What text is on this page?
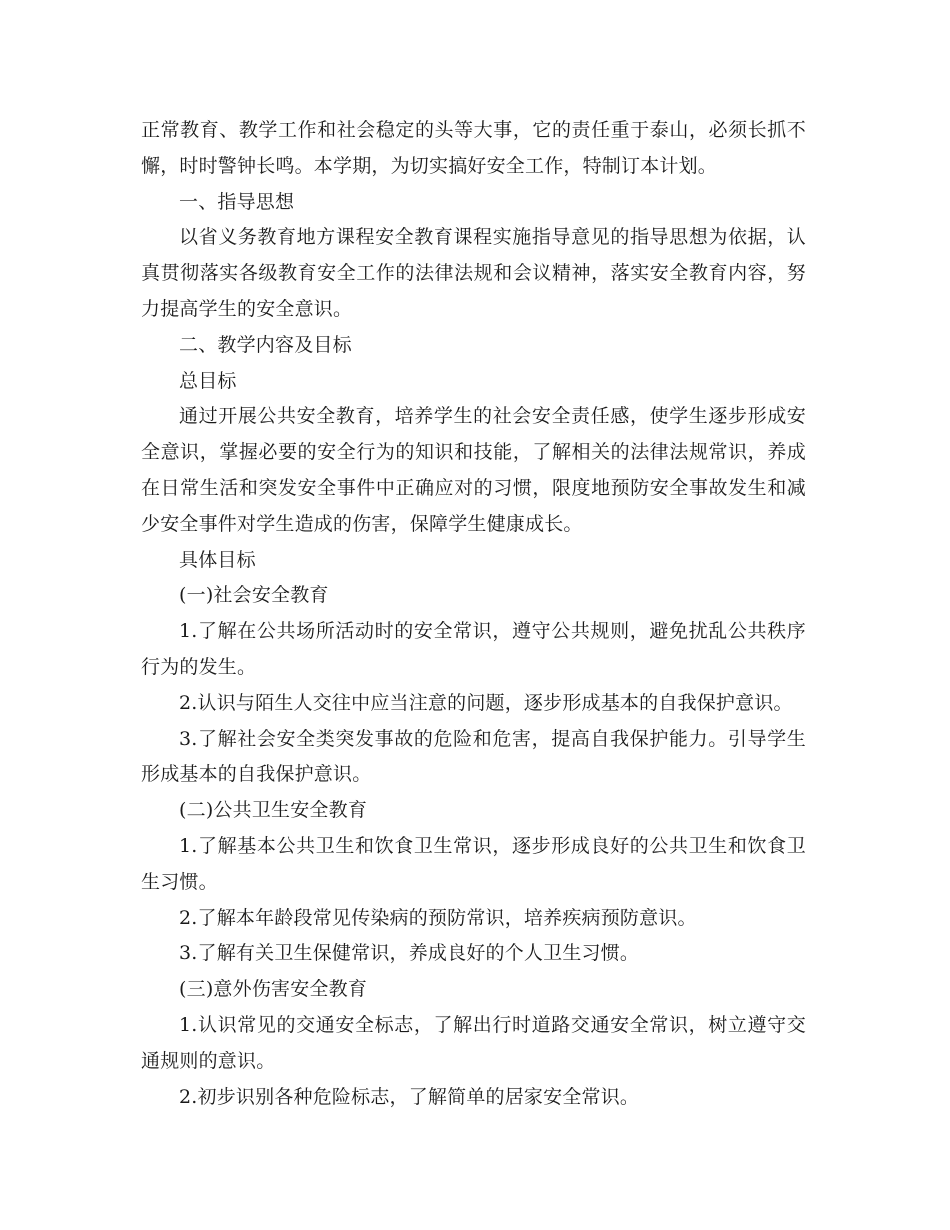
正常教育、教学工作和社会稳定的头等大事，它的责任重于泰山，必须长抓不懈，时时警钟长鸣。本学期，为切实搞好安全工作，特制订本计划。

一、指导思想

以省义务教育地方课程安全教育课程实施指导意见的指导思想为依据，认真贯彻落实各级教育安全工作的法律法规和会议精神，落实安全教育内容，努力提高学生的安全意识。

二、教学内容及目标

总目标

通过开展公共安全教育，培养学生的社会安全责任感，使学生逐步形成安全意识，掌握必要的安全行为的知识和技能，了解相关的法律法规常识，养成在日常生活和突发安全事件中正确应对的习惯，限度地预防安全事故发生和减少安全事件对学生造成的伤害，保障学生健康成长。

具体目标

(一)社会安全教育

1.了解在公共场所活动时的安全常识，遵守公共规则，避免扰乱公共秩序行为的发生。

2.认识与陌生人交往中应当注意的问题，逐步形成基本的自我保护意识。

3.了解社会安全类突发事故的危险和危害，提高自我保护能力。引导学生形成基本的自我保护意识。

(二)公共卫生安全教育

1.了解基本公共卫生和饮食卫生常识，逐步形成良好的公共卫生和饮食卫生习惯。

2.了解本年龄段常见传染病的预防常识，培养疾病预防意识。

3.了解有关卫生保健常识，养成良好的个人卫生习惯。

(三)意外伤害安全教育

1.认识常见的交通安全标志，了解出行时道路交通安全常识，树立遵守交通规则的意识。

2.初步识别各种危险标志，了解简单的居家安全常识。
